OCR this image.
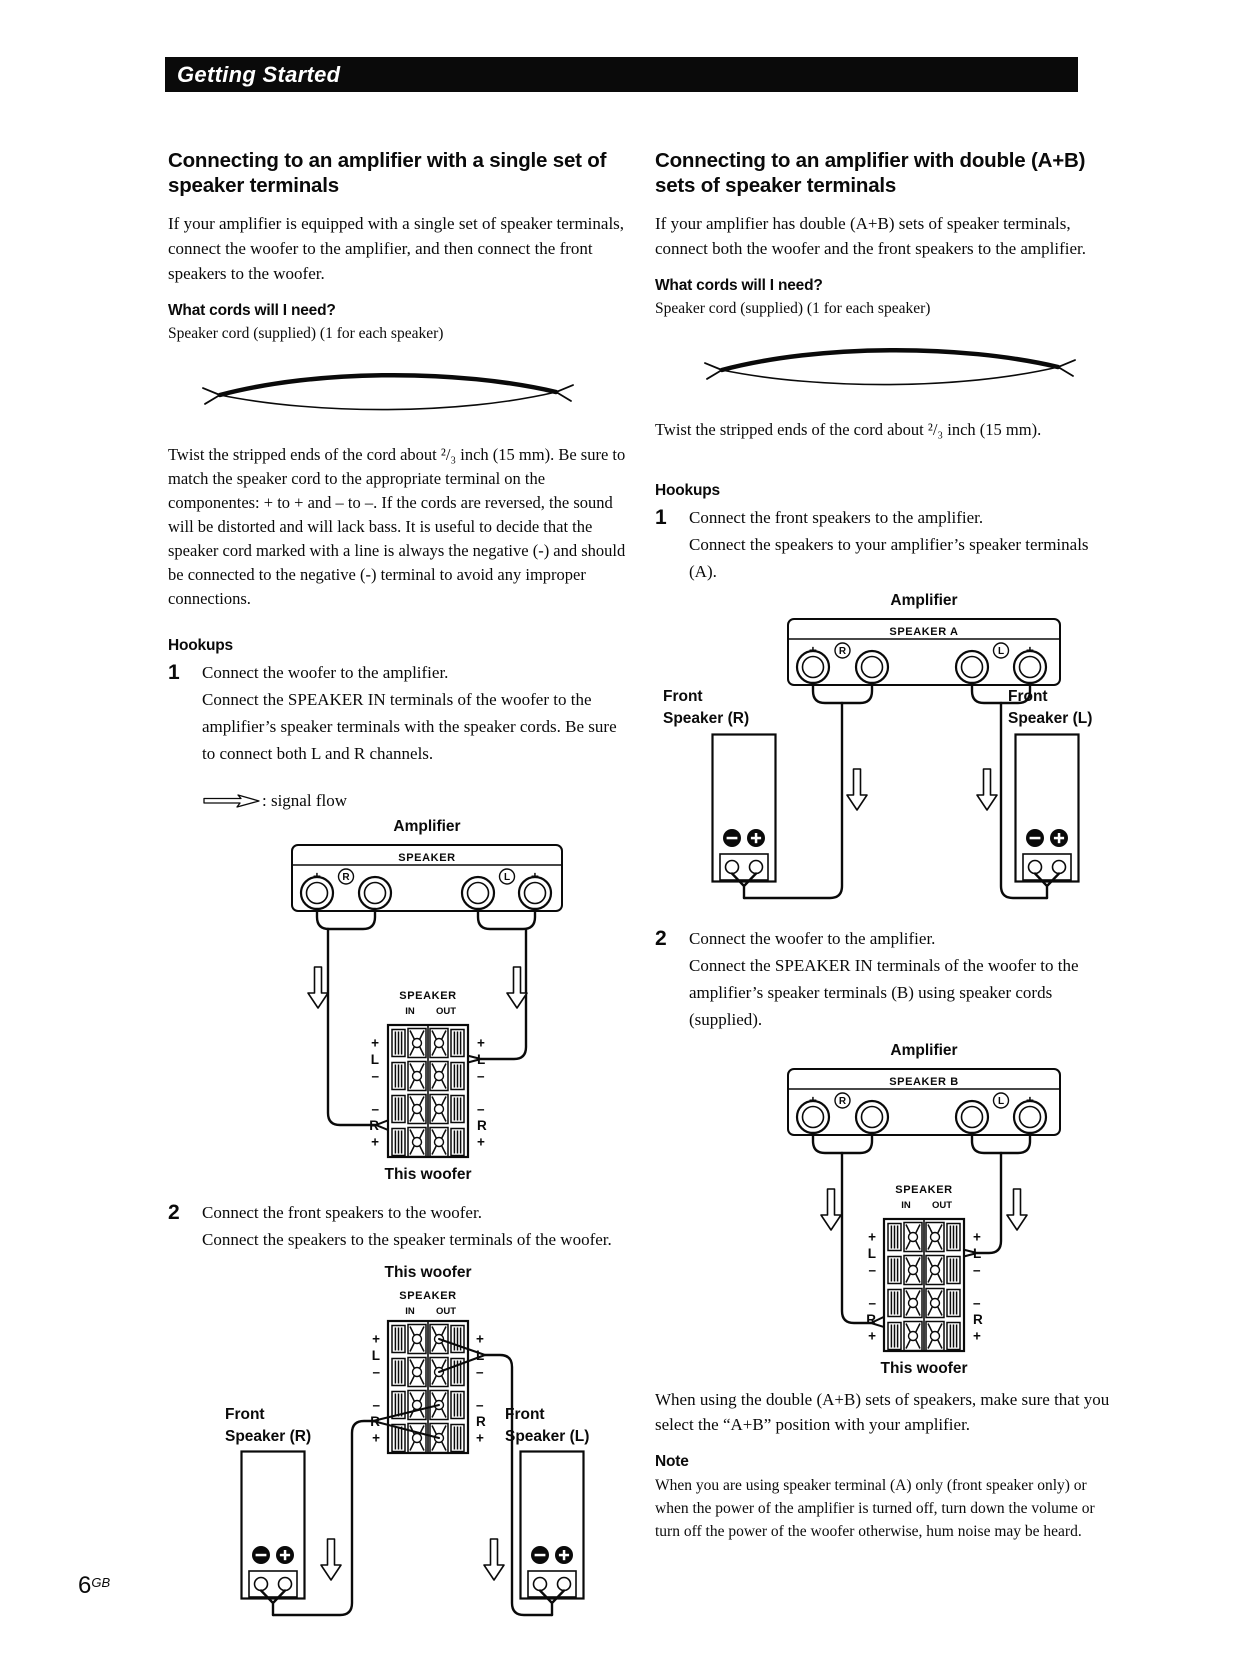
Getting Started
Connecting to an amplifier with a single set of speaker terminals

If your amplifier is equipped with a single set of speaker terminals, connect the woofer to the amplifier, and then connect the front speakers to the woofer.

What cords will I need?

Speaker cord (supplied) (1 for each speaker)

Twist the stripped ends of the cord about ²/₃ inch (15 mm). Be sure to match the speaker cord to the appropriate terminal on the componentes: + to + and – to –. If the cords are reversed, the sound will be distorted and will lack bass. It is useful to decide that the speaker cord marked with a line is always the negative (-) and should be connected to the negative (-) terminal to avoid any improper connections.

Hookups
1	Connect the woofer to the amplifier.
Connect the SPEAKER IN terminals of the woofer to the amplifier’s speaker terminals with the speaker cords. Be sure to connect both L and R channels.
: signal flow
Amplifier
SPEAKER
R	L
SPEAKER
IN OUT
+
L
–
–
R
+
+
L
–
–
R
+
This woofer
2	Connect the front speakers to the woofer.
Connect the speakers to the speaker terminals of the woofer.
This woofer
SPEAKER
IN OUT
+
L
–
–
R
+
+
L
–
–
R
+
Front
Speaker (R)
Front
Speaker (L)
Connecting to an amplifier with double (A+B) sets of speaker terminals

If your amplifier has double (A+B) sets of speaker terminals, connect both the woofer and the front speakers to the amplifier.

What cords will I need?

Speaker cord (supplied) (1 for each speaker)

Twist the stripped ends of the cord about ²/₃ inch (15 mm).

Hookups
1	Connect the front speakers to the amplifier.
Connect the speakers to your amplifier’s speaker terminals (A).
Amplifier
SPEAKER A
R	L
Front
Speaker (R)
Front
Speaker (L)
2	Connect the woofer to the amplifier.
Connect the SPEAKER IN terminals of the woofer to the amplifier’s speaker terminals (B) using speaker cords (supplied).
Amplifier
SPEAKER B
R	L
SPEAKER
IN OUT
+
L
–
–
R
+
+
L
–
–
R
+
This woofer

When using the double (A+B) sets of speakers, make sure that you select the “A+B” position with your amplifier.

Note

When you are using speaker terminal (A) only (front speaker only) or when the power of the amplifier is turned off, turn down the volume or turn off the power of the woofer otherwise, hum noise may be heard.

$6^{GB}$
